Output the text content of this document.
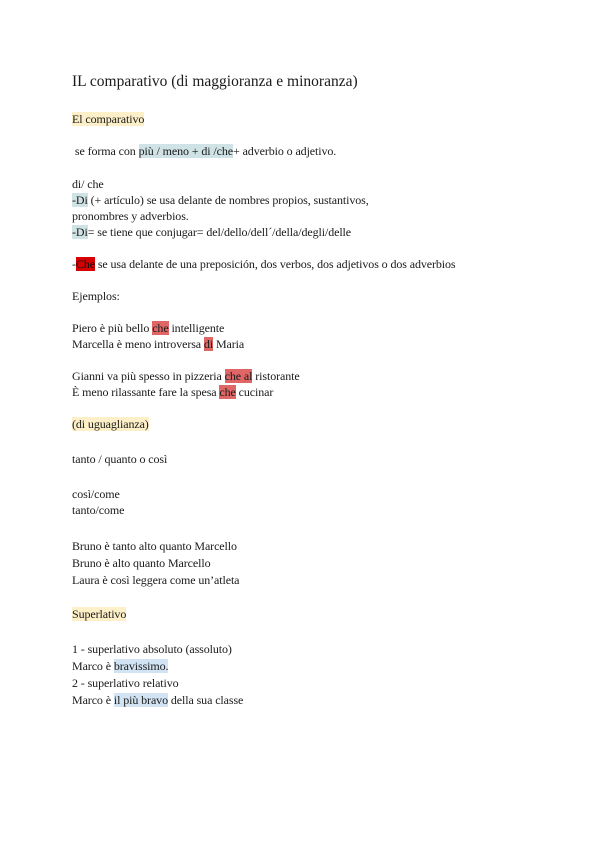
IL comparativo (di maggioranza e minoranza)
El comparativo
se forma con più / meno + di /che+ adverbio o adjetivo.
di/ che
-Di (+ artículo) se usa delante de nombres propios, sustantivos,
pronombres y adverbios.
-Di= se tiene que conjugar= del/dello/dell´/della/degli/delle
-Che se usa delante de una preposición, dos verbos, dos adjetivos o dos adverbios
Ejemplos:
Piero è più bello che intelligente
Marcella è meno introversa di Maria
Gianni va più spesso in pizzeria che al ristorante
È meno rilassante fare la spesa che cucinar
(di uguaglianza)
tanto / quanto o così
così/come
tanto/come
Bruno è tanto alto quanto Marcello
Bruno è alto quanto Marcello
Laura è così leggera come un’atleta
Superlativo
1 - superlativo absoluto (assoluto)
Marco è bravissimo.
2 - superlativo relativo
Marco è il più bravo della sua classe
